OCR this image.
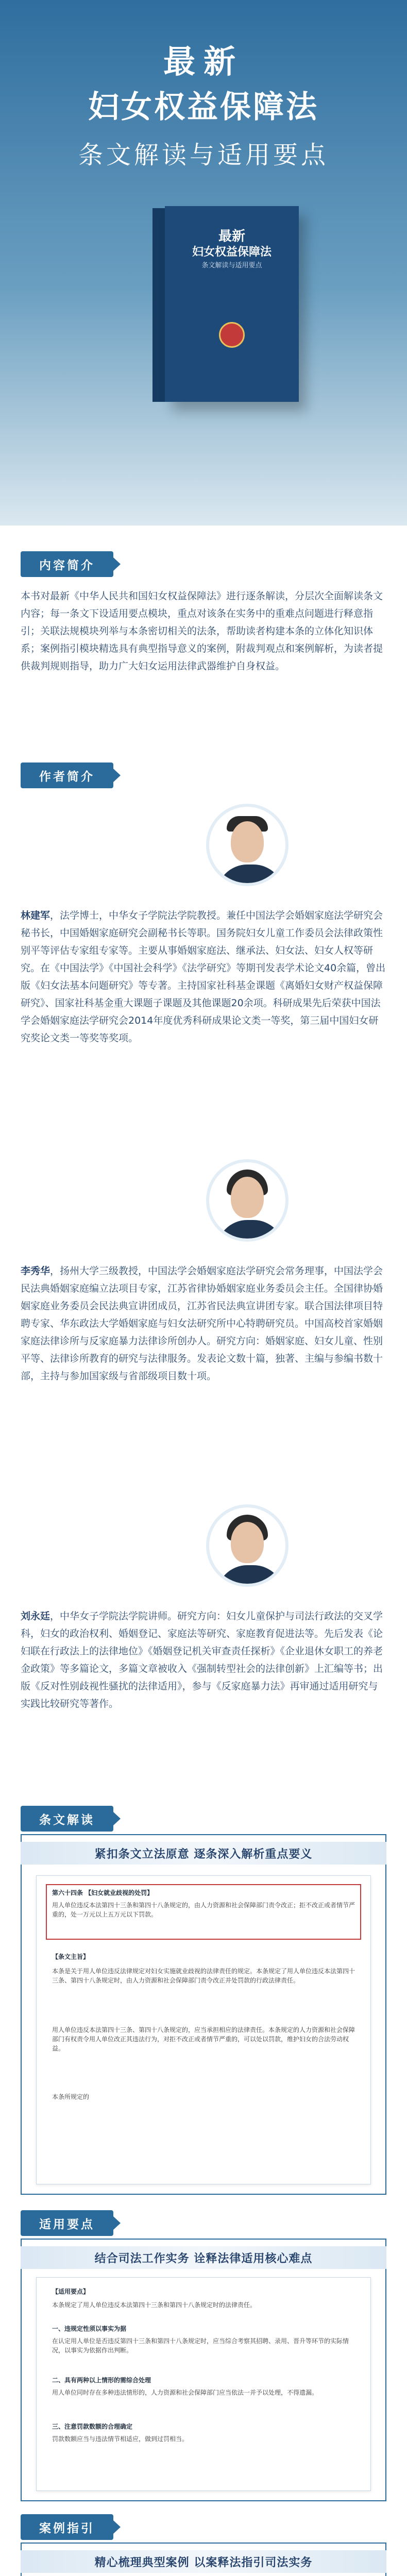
最新
妇女权益保障法
条文解读与适用要点
最新
妇女权益保障法
条文解读与适用要点
内容简介
本书对最新《中华人民共和国妇女权益保障法》进行逐条解读，分层次全面解读条文内容；每一条文下设适用要点模块，重点对该条在实务中的重难点问题进行释意指引；关联法规模块列举与本条密切相关的法条，帮助读者构建本条的立体化知识体系；案例指引模块精选具有典型指导意义的案例，附裁判观点和案例解析，为读者提供裁判规则指导，助力广大妇女运用法律武器维护自身权益。
作者简介
林建军，法学博士，中华女子学院法学院教授。兼任中国法学会婚姻家庭法学研究会秘书长，中国婚姻家庭研究会副秘书长等职。国务院妇女儿童工作委员会法律政策性别平等评估专家组专家等。主要从事婚姻家庭法、继承法、妇女法、妇女人权等研究。在《中国法学》《中国社会科学》《法学研究》等期刊发表学术论文40余篇，曾出版《妇女法基本问题研究》等专著。主持国家社科基金课题《离婚妇女财产权益保障研究》、国家社科基金重大课题子课题及其他课题20余项。科研成果先后荣获中国法学会婚姻家庭法学研究会2014年度优秀科研成果论文类一等奖，第三届中国妇女研究奖论文类一等奖等奖项。
李秀华，扬州大学三级教授，中国法学会婚姻家庭法学研究会常务理事，中国法学会民法典婚姻家庭编立法项目专家，江苏省律协婚姻家庭业务委员会主任。全国律协婚姻家庭业务委员会民法典宣讲团成员，江苏省民法典宣讲团专家。联合国法律项目特聘专家、华东政法大学婚姻家庭与妇女法研究所中心特聘研究员。中国高校首家婚姻家庭法律诊所与反家庭暴力法律诊所创办人。研究方向：婚姻家庭、妇女儿童、性别平等、法律诊所教育的研究与法律服务。发表论文数十篇，独著、主编与参编书数十部，主持与参加国家级与省部级项目数十项。
刘永廷，中华女子学院法学院讲师。研究方向：妇女儿童保护与司法行政法的交叉学科，妇女的政治权利、婚姻登记、家庭法等研究、家庭教育促进法等。先后发表《论妇联在行政法上的法律地位》《婚姻登记机关审查责任探析》《企业退休女职工的养老金政策》等多篇论文，多篇文章被收入《强制转型社会的法律创新》上汇编等书；出版《反对性别歧视性骚扰的法律适用》，参与《反家庭暴力法》再审通过适用研究与实践比较研究等著作。
条文解读
紧扣条文立法原意 逐条深入解析重点要义
第六十四条 【妇女就业歧视的处罚】
用人单位违反本法第四十三条和第四十八条规定的，由人力资源和社会保障部门责令改正；拒不改正或者情节严重的，处一万元以上五万元以下罚款。
【条文主旨】
本条是关于用人单位违反法律规定对妇女实施就业歧视的法律责任的规定。本条规定了用人单位违反本法第四十三条、第四十八条规定时，由人力资源和社会保障部门责令改正并处罚款的行政法律责任。
用人单位违反本法第四十三条、第四十八条规定的，应当承担相应的法律责任。本条规定的人力资源和社会保障部门有权责令用人单位改正其违法行为，对拒不改正或者情节严重的，可以处以罚款，维护妇女的合法劳动权益。
本条所规定的
适用要点
结合司法工作实务 诠释法律适用核心难点
【适用要点】
本条规定了用人单位违反本法第四十三条和第四十八条规定时的法律责任。
一、违规定性须以事实为据
在认定用人单位是否违反第四十三条和第四十八条规定时，应当综合考察其招聘、录用、晋升等环节的实际情况，以事实为依据作出判断。
二、具有两种以上情形的需综合处理
用人单位同时存在多种违法情形的，人力资源和社会保障部门应当依法一并予以处理，不得遗漏。
三、注意罚款数额的合理确定
罚款数额应当与违法情节相适应，做到过罚相当。
案例指引
精心梳理典型案例 以案释法指引司法实务
